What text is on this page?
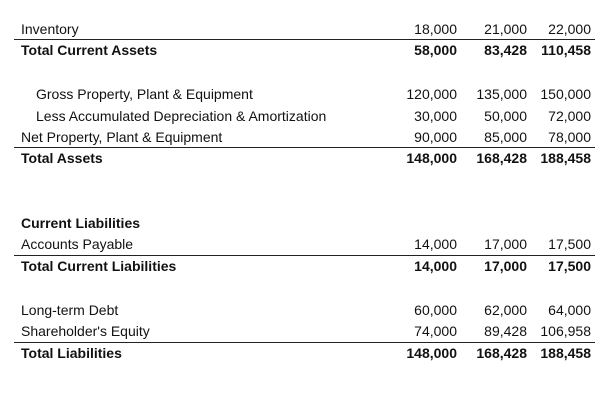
Inventory	18,000	21,000	22,000
Total Current Assets	58,000	83,428	110,458
Gross Property, Plant & Equipment	120,000	135,000 150,000
Less Accumulated Depreciation & Amortization	30,000	50,000	72,000
Net Property, Plant & Equipment	90,000	85,000	78,000
Total Assets	148,000	168,428 188,458
Current Liabilities
Accounts Payable	14,000	17,000	17,500
Total Current Liabilities	14,000	17,000	17,500
Long-term Debt	60,000	62,000	64,000
Shareholder's Equity	74,000	89,428 106,958
Total Liabilities	148,000	168,428 188,458
